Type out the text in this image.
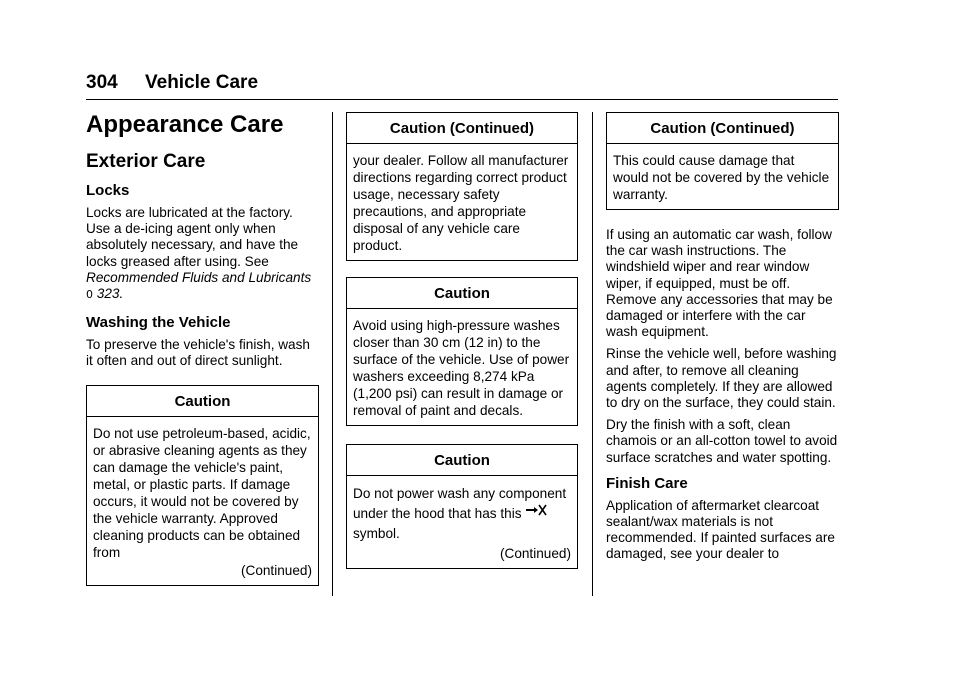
304 Vehicle Care
Appearance Care
Exterior Care
Locks

Locks are lubricated at the factory. Use a de-icing agent only when absolutely necessary, and have the locks greased after using. See Recommended Fluids and Lubricants 0 323.

Washing the Vehicle

To preserve the vehicle's finish, wash it often and out of direct sunlight.

Caution
Do not use petroleum-based, acidic, or abrasive cleaning agents as they can damage the vehicle's paint, metal, or plastic parts. If damage occurs, it would not be covered by the vehicle warranty. Approved cleaning products can be obtained from
(Continued)
Caution (Continued)
your dealer. Follow all manufacturer directions regarding correct product usage, necessary safety precautions, and appropriate disposal of any vehicle care product.
Caution
Avoid using high-pressure washes closer than 30 cm (12 in) to the surface of the vehicle. Use of power washers exceeding 8,274 kPa (1,200 psi) can result in damage or removal of paint and decals.
Caution
Do not power wash any component under the hood that has this  symbol.
(Continued)
Caution (Continued)
This could cause damage that would not be covered by the vehicle warranty.

If using an automatic car wash, follow the car wash instructions. The windshield wiper and rear window wiper, if equipped, must be off. Remove any accessories that may be damaged or interfere with the car wash equipment.

Rinse the vehicle well, before washing and after, to remove all cleaning agents completely. If they are allowed to dry on the surface, they could stain.

Dry the finish with a soft, clean chamois or an all-cotton towel to avoid surface scratches and water spotting.

Finish Care

Application of aftermarket clearcoat sealant/wax materials is not recommended. If painted surfaces are damaged, see your dealer to
